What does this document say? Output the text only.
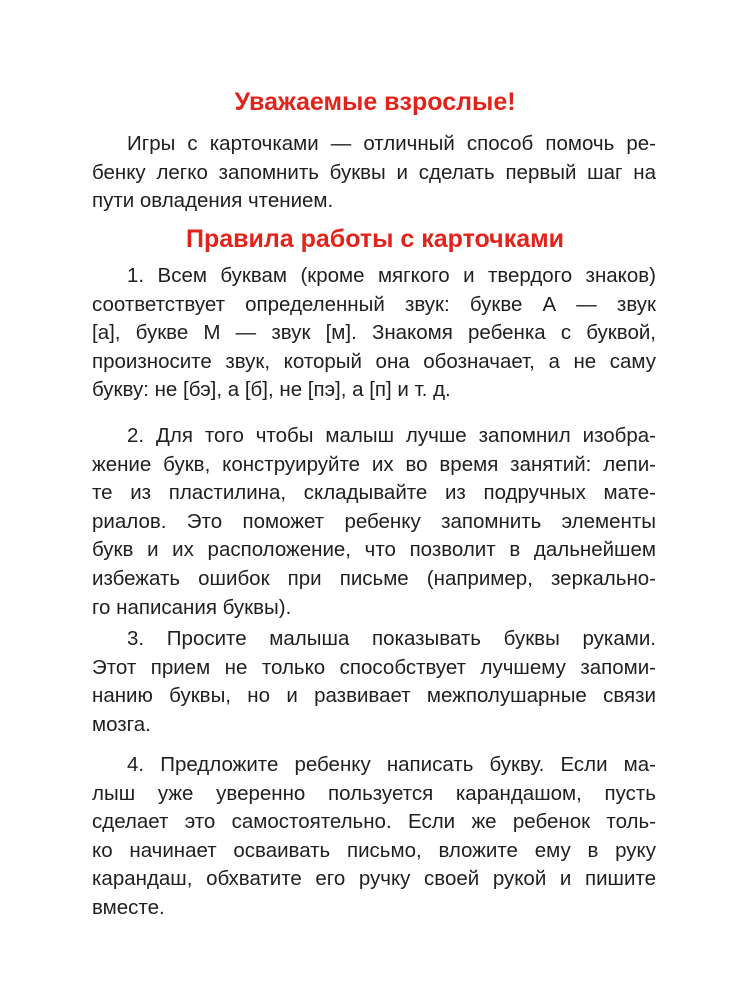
Уважаемые взрослые!
Игры с карточками — отличный способ помочь ре-
бенку легко запомнить буквы и сделать первый шаг на
пути овладения чтением.
Правила работы с карточками
1. Всем буквам (кроме мягкого и твердого знаков)
соответствует определенный звук: букве А — звук
[а], букве М — звук [м]. Знакомя ребенка с буквой,
произносите звук, который она обозначает, а не саму
букву: не [бэ], а [б], не [пэ], а [п] и т. д.
2. Для того чтобы малыш лучше запомнил изобра-
жение букв, конструируйте их во время занятий: лепи-
те из пластилина, складывайте из подручных мате-
риалов. Это поможет ребенку запомнить элементы
букв и их расположение, что позволит в дальнейшем
избежать ошибок при письме (например, зеркально-
го написания буквы).
3. Просите малыша показывать буквы руками.
Этот прием не только способствует лучшему запоми-
нанию буквы, но и развивает межполушарные связи
мозга.
4. Предложите ребенку написать букву. Если ма-
лыш уже уверенно пользуется карандашом, пусть
сделает это самостоятельно. Если же ребенок толь-
ко начинает осваивать письмо, вложите ему в руку
карандаш, обхватите его ручку своей рукой и пишите
вместе.
